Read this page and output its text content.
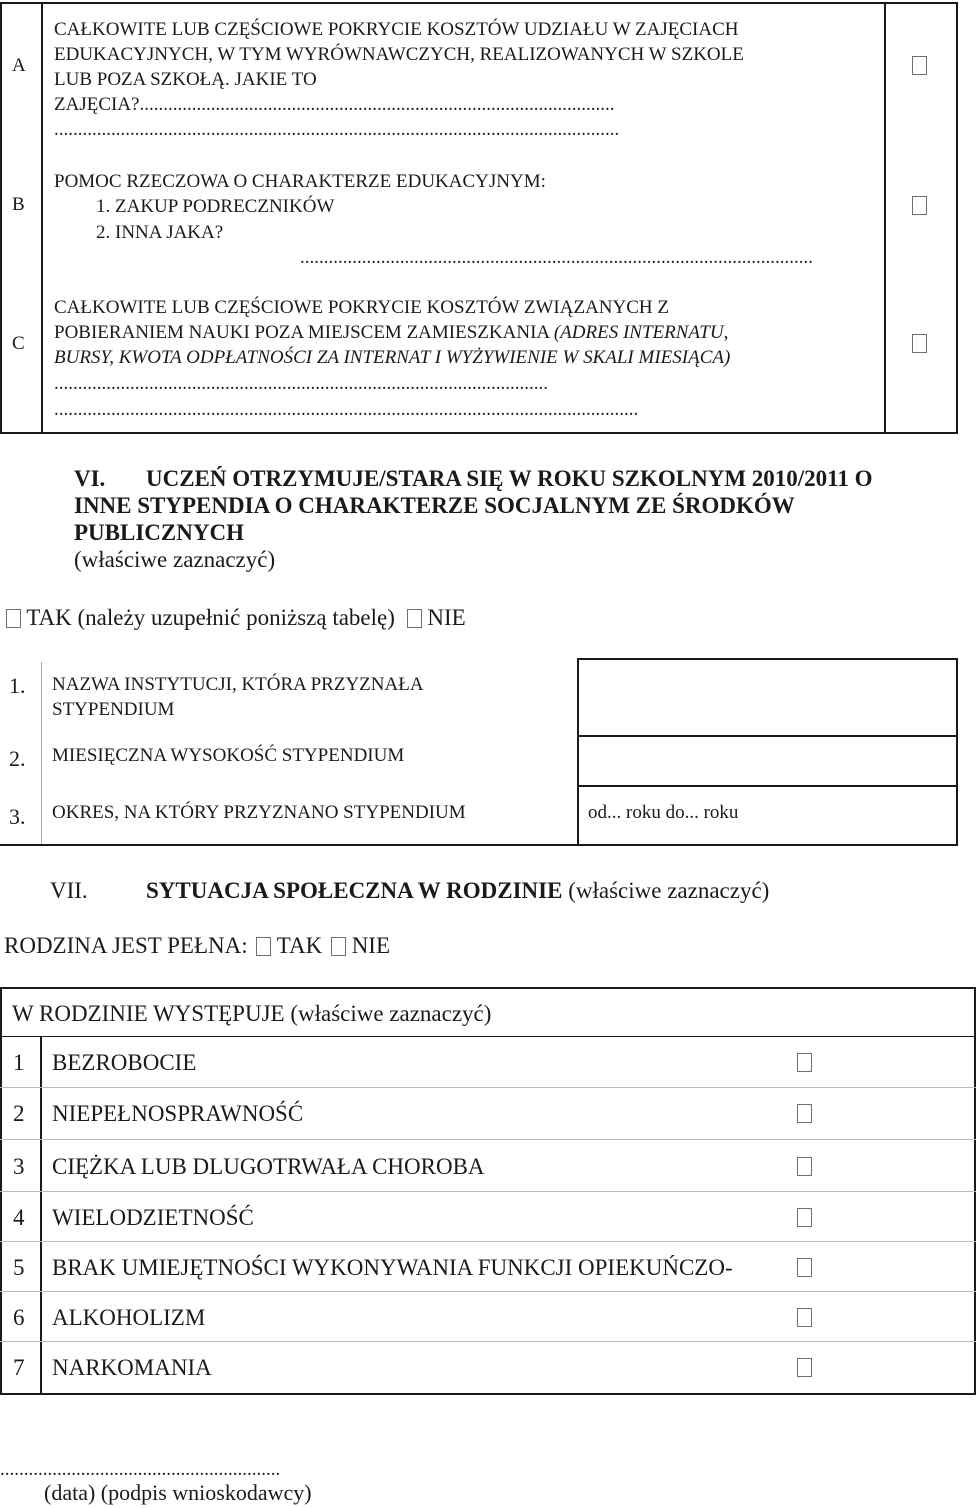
A
CAŁKOWITE LUB CZĘŚCIOWE POKRYCIE KOSZTÓW UDZIAŁU W ZAJĘCIACH
EDUKACYJNYCH, W TYM WYRÓWNAWCZYCH, REALIZOWANYCH W SZKOLE
LUB POZA SZKOŁĄ. JAKIE TO
ZAJĘCIA?....................................................................................................
.......................................................................................................................
B
POMOC RZECZOWA O CHARAKTERZE EDUKACYJNYM:
1. ZAKUP PODRECZNIKÓW
2. INNA JAKA?
............................................................................................................
C
CAŁKOWITE LUB CZĘŚCIOWE POKRYCIE KOSZTÓW ZWIĄZANYCH Z
POBIERANIEM NAUKI POZA MIEJSCEM ZAMIESZKANIA (ADRES INTERNATU,
BURSY, KWOTA ODPŁATNOŚCI ZA INTERNAT I WYŻYWIENIE W SKALI MIESIĄCA)
........................................................................................................
...........................................................................................................................
VI. UCZEŃ OTRZYMUJE/STARA SIĘ W ROKU SZKOLNYM 2010/2011 O
INNE STYPENDIA O CHARAKTERZE SOCJALNYM ZE ŚRODKÓW
PUBLICZNYCH
(właściwe zaznaczyć)
TAK (należy uzupełnić poniższą tabelę) NIE
1. NAZWA INSTYTUCJI, KTÓRA PRZYZNAŁA
STYPENDIUM
2. MIESIĘCZNA WYSOKOŚĆ STYPENDIUM
3. OKRES, NA KTÓRY PRZYZNANO STYPENDIUM	od... roku do... roku
VII.	SYTUACJA SPOŁECZNA W RODZINIE (właściwe zaznaczyć)
RODZINA JEST PEŁNA: TAK NIE
W RODZINIE WYSTĘPUJE (właściwe zaznaczyć)
1 BEZROBOCIE
2 NIEPEŁNOSPRAWNOŚĆ
3 CIĘŻKA LUB DLUGOTRWAŁA CHOROBA
4 WIELODZIETNOŚĆ
5 BRAK UMIEJĘTNOŚCI WYKONYWANIA FUNKCJI OPIEKUŃCZO-
6 ALKOHOLIZM
7 NARKOMANIA
...........................................................
(data) (podpis wnioskodawcy)
